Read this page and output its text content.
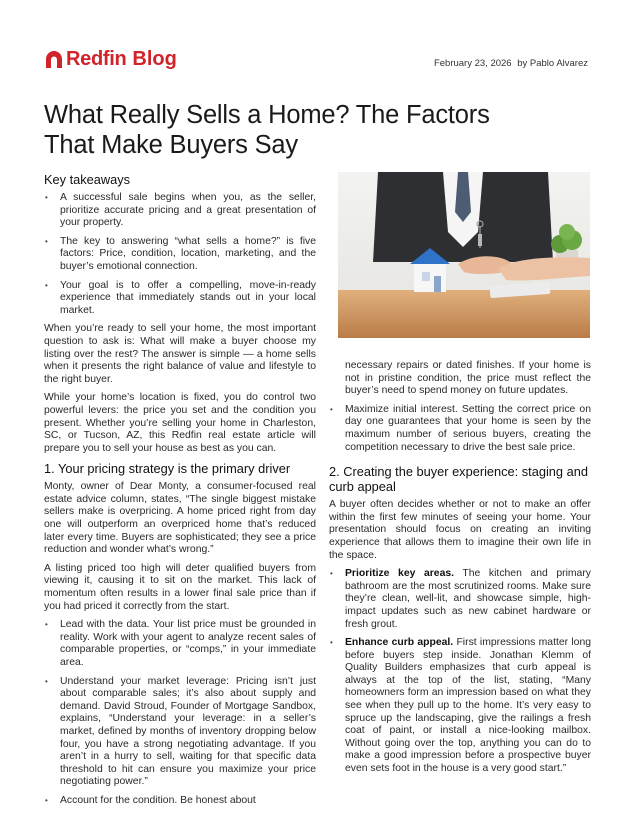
Redfin Blog	February 23, 2026 by Pablo Alvarez
What Really Sells a Home? The Factors
That Make Buyers Say
Key takeaways
• A successful sale begins when you, as the seller, prioritize accurate pricing and a great presentation of your property.
• The key to answering “what sells a home?” is five factors: Price, condition, location, marketing, and the buyer’s emotional connection.
• Your goal is to offer a compelling, move-in-ready experience that immediately stands out in your local market.

When you’re ready to sell your home, the most important question to ask is: What will make a buyer choose my listing over the rest? The answer is simple — a home sells when it presents the right balance of value and lifestyle to the right buyer.

While your home’s location is fixed, you do control two powerful levers: the price you set and the condition you present. Whether you’re selling your home in Charleston, SC, or Tucson, AZ, this Redfin real estate article will prepare you to sell your house as best as you can.

1. Your pricing strategy is the primary driver

Monty, owner of Dear Monty, a consumer-focused real estate advice column, states, “The single biggest mistake sellers make is overpricing. A home priced right from day one will outperform an overpriced home that’s reduced later every time. Buyers are sophisticated; they see a price reduction and wonder what’s wrong.”

A listing priced too high will deter qualified buyers from viewing it, causing it to sit on the market. This lack of momentum often results in a lower final sale price than if you had priced it correctly from the start.

• Lead with the data. Your list price must be grounded in reality. Work with your agent to analyze recent sales of comparable properties, or “comps,” in your immediate area.
• Understand your market leverage: Pricing isn’t just about comparable sales; it’s also about supply and demand. David Stroud, Founder of Mortgage Sandbox, explains, “Understand your leverage: in a seller’s market, defined by months of inventory dropping below four, you have a strong negotiating advantage. If you aren’t in a hurry to sell, waiting for that specific data threshold to hit can ensure you maximize your price negotiating power.”
• Account for the condition. Be honest about

necessary repairs or dated finishes. If your home is not in pristine condition, the price must reflect the buyer’s need to spend money on future updates.

• Maximize initial interest. Setting the correct price on day one guarantees that your home is seen by the maximum number of serious buyers, creating the competition necessary to drive the best sale price.
2. Creating the buyer experience: staging and curb appeal

A buyer often decides whether or not to make an offer within the first few minutes of seeing your home. Your presentation should focus on creating an inviting experience that allows them to imagine their own life in the space.

• Prioritize key areas. The kitchen and primary bathroom are the most scrutinized rooms. Make sure they’re clean, well-lit, and showcase simple, high-impact updates such as new cabinet hardware or fresh grout.
• Enhance curb appeal. First impressions matter long before buyers step inside. Jonathan Klemm of Quality Builders emphasizes that curb appeal is always at the top of the list, stating, “Many homeowners form an impression based on what they see when they pull up to the home. It’s very easy to spruce up the landscaping, give the railings a fresh coat of paint, or install a nice-looking mailbox. Without going over the top, anything you can do to make a good impression before a prospective buyer even sets foot in the house is a very good start.”
